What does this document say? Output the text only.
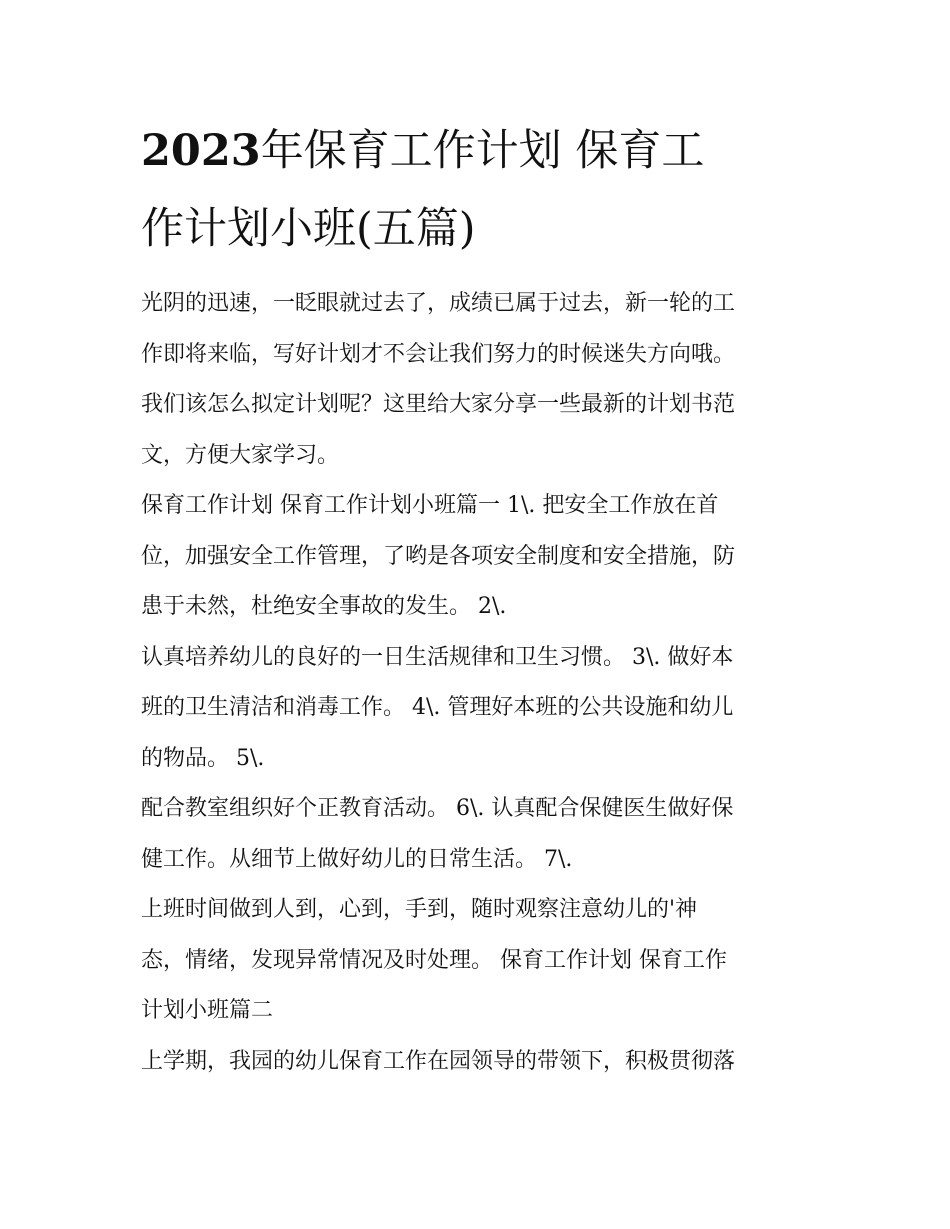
2023年保育工作计划 保育工
作计划小班(五篇)
光阴的迅速，一眨眼就过去了，成绩已属于过去，新一轮的工
作即将来临，写好计划才不会让我们努力的时候迷失方向哦。
我们该怎么拟定计划呢？这里给大家分享一些最新的计划书范
文，方便大家学习。
保育工作计划 保育工作计划小班篇一 1\. 把安全工作放在首
位，加强安全工作管理，了哟是各项安全制度和安全措施，防
患于未然，杜绝安全事故的发生。 2\.
认真培养幼儿的良好的一日生活规律和卫生习惯。 3\. 做好本
班的卫生清洁和消毒工作。 4\. 管理好本班的公共设施和幼儿
的物品。 5\.
配合教室组织好个正教育活动。 6\. 认真配合保健医生做好保
健工作。从细节上做好幼儿的日常生活。 7\.
上班时间做到人到，心到，手到，随时观察注意幼儿的'神
态，情绪，发现异常情况及时处理。 保育工作计划 保育工作
计划小班篇二
上学期，我园的幼儿保育工作在园领导的带领下，积极贯彻落
